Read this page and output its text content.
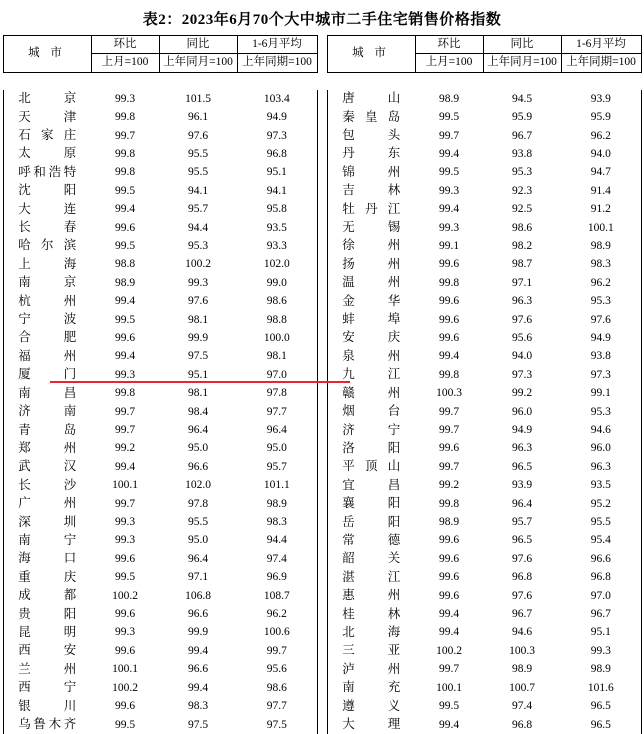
表2：2023年6月70个大中城市二手住宅销售价格指数
城 市	环比	同比	1-6月平均		城 市	环比	同比	1-6月平均
	上月=100	上年同月=100	上年同期=100			上月=100	上年同月=100	上年同期=100

北京	99.3	101.5	103.4		唐山	98.9	94.5	93.9
天津	99.8	96.1	94.9		秦皇岛	99.5	95.9	95.9
石家庄	99.7	97.6	97.3		包头	99.7	96.7	96.2
太原	99.8	95.5	96.8		丹东	99.4	93.8	94.0
呼和浩特	99.8	95.5	95.1		锦州	99.5	95.3	94.7
沈阳	99.5	94.1	94.1		吉林	99.3	92.3	91.4
大连	99.4	95.7	95.8		牡丹江	99.4	92.5	91.2
长春	99.6	94.4	93.5		无锡	99.3	98.6	100.1
哈尔滨	99.5	95.3	93.3		徐州	99.1	98.2	98.9
上海	98.8	100.2	102.0		扬州	99.6	98.7	98.3
南京	98.9	99.3	99.0		温州	99.8	97.1	96.2
杭州	99.4	97.6	98.6		金华	99.6	96.3	95.3
宁波	99.5	98.1	98.8		蚌埠	99.6	97.6	97.6
合肥	99.6	99.9	100.0		安庆	99.6	95.6	94.9
福州	99.4	97.5	98.1		泉州	99.4	94.0	93.8
厦门	99.3	95.1	97.0		九江	99.8	97.3	97.3
南昌	99.8	98.1	97.8		赣州	100.3	99.2	99.1
济南	99.7	98.4	97.7		烟台	99.7	96.0	95.3
青岛	99.7	96.4	96.4		济宁	99.7	94.9	94.6
郑州	99.2	95.0	95.0		洛阳	99.6	96.3	96.0
武汉	99.4	96.6	95.7		平顶山	99.7	96.5	96.3
长沙	100.1	102.0	101.1		宜昌	99.2	93.9	93.5
广州	99.7	97.8	98.9		襄阳	99.8	96.4	95.2
深圳	99.3	95.5	98.3		岳阳	98.9	95.7	95.5
南宁	99.3	95.0	94.4		常德	99.6	96.5	95.4
海口	99.6	96.4	97.4		韶关	99.6	97.6	96.6
重庆	99.5	97.1	96.9		湛江	99.6	96.8	96.8
成都	100.2	106.8	108.7		惠州	99.6	97.6	97.0
贵阳	99.6	96.6	96.2		桂林	99.4	96.7	96.7
昆明	99.3	99.9	100.6		北海	99.4	94.6	95.1
西安	99.6	99.4	99.7		三亚	100.2	100.3	99.3
兰州	100.1	96.6	95.6		泸州	99.7	98.9	98.9
西宁	100.2	99.4	98.6		南充	100.1	100.7	101.6
银川	99.6	98.3	97.7		遵义	99.5	97.4	96.5
乌鲁木齐	99.5	97.5	97.5		大理	99.4	96.8	96.5
